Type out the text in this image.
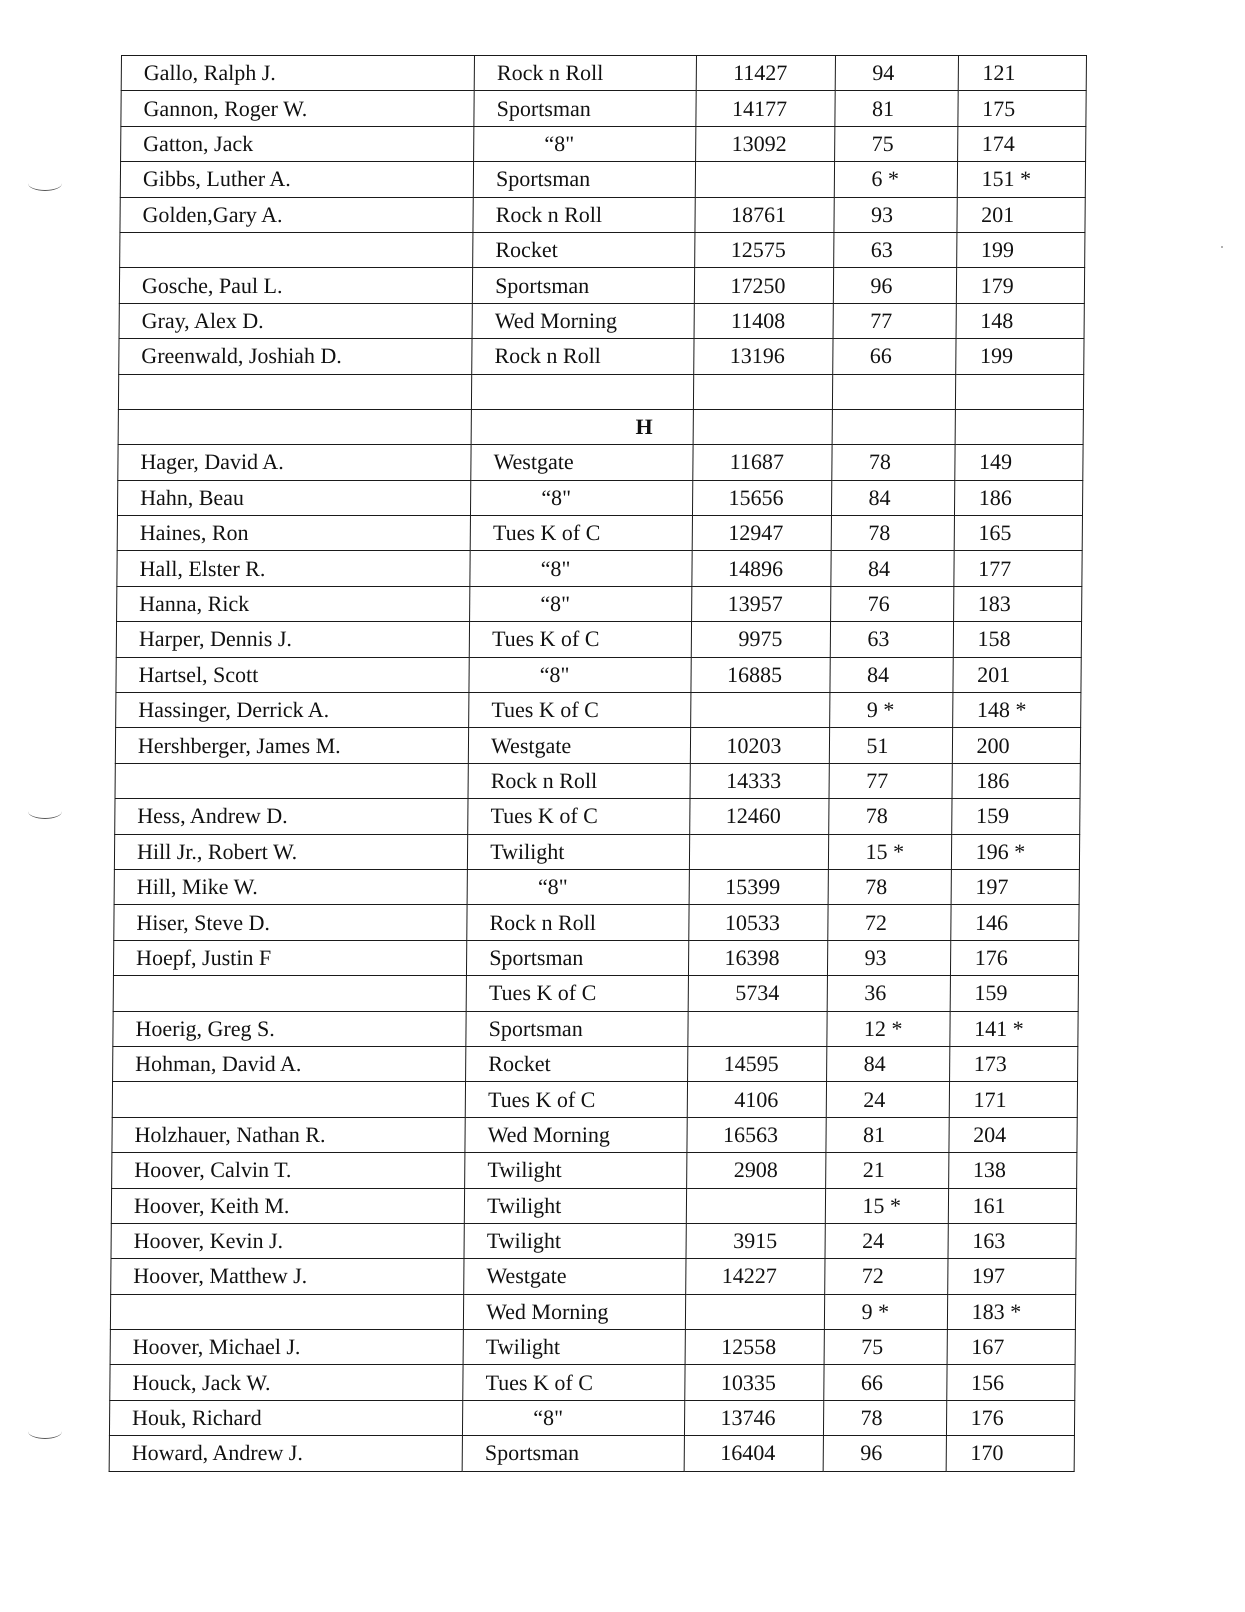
Gallo, Ralph J.	Rock n Roll	11427	94	121
Gannon, Roger W.	Sportsman	14177	81	175
Gatton, Jack	“8"	13092	75	174
Gibbs, Luther A.	Sportsman		6 *	151 *
Golden,Gary A.	Rock n Roll	18761	93	201
	Rocket	12575	63	199
Gosche, Paul L.	Sportsman	17250	96	179
Gray, Alex D.	Wed Morning	11408	77	148
Greenwald, Joshiah D.	Rock n Roll	13196	66	199

	H			
Hager, David A.	Westgate	11687	78	149
Hahn, Beau	“8"	15656	84	186
Haines, Ron	Tues K of C	12947	78	165
Hall, Elster R.	“8"	14896	84	177
Hanna, Rick	“8"	13957	76	183
Harper, Dennis J.	Tues K of C	9975	63	158
Hartsel, Scott	“8"	16885	84	201
Hassinger, Derrick A.	Tues K of C		9 *	148 *
Hershberger, James M.	Westgate	10203	51	200
	Rock n Roll	14333	77	186
Hess, Andrew D.	Tues K of C	12460	78	159
Hill Jr., Robert W.	Twilight		15 *	196 *
Hill, Mike W.	“8"	15399	78	197
Hiser, Steve D.	Rock n Roll	10533	72	146
Hoepf, Justin F	Sportsman	16398	93	176
	Tues K of C	5734	36	159
Hoerig, Greg S.	Sportsman		12 *	141 *
Hohman, David A.	Rocket	14595	84	173
	Tues K of C	4106	24	171
Holzhauer, Nathan R.	Wed Morning	16563	81	204
Hoover, Calvin T.	Twilight	2908	21	138
Hoover, Keith M.	Twilight		15 *	161
Hoover, Kevin J.	Twilight	3915	24	163
Hoover, Matthew J.	Westgate	14227	72	197
	Wed Morning		9 *	183 *
Hoover, Michael J.	Twilight	12558	75	167
Houck, Jack W.	Tues K of C	10335	66	156
Houk, Richard	“8"	13746	78	176
Howard, Andrew J.	Sportsman	16404	96	170
